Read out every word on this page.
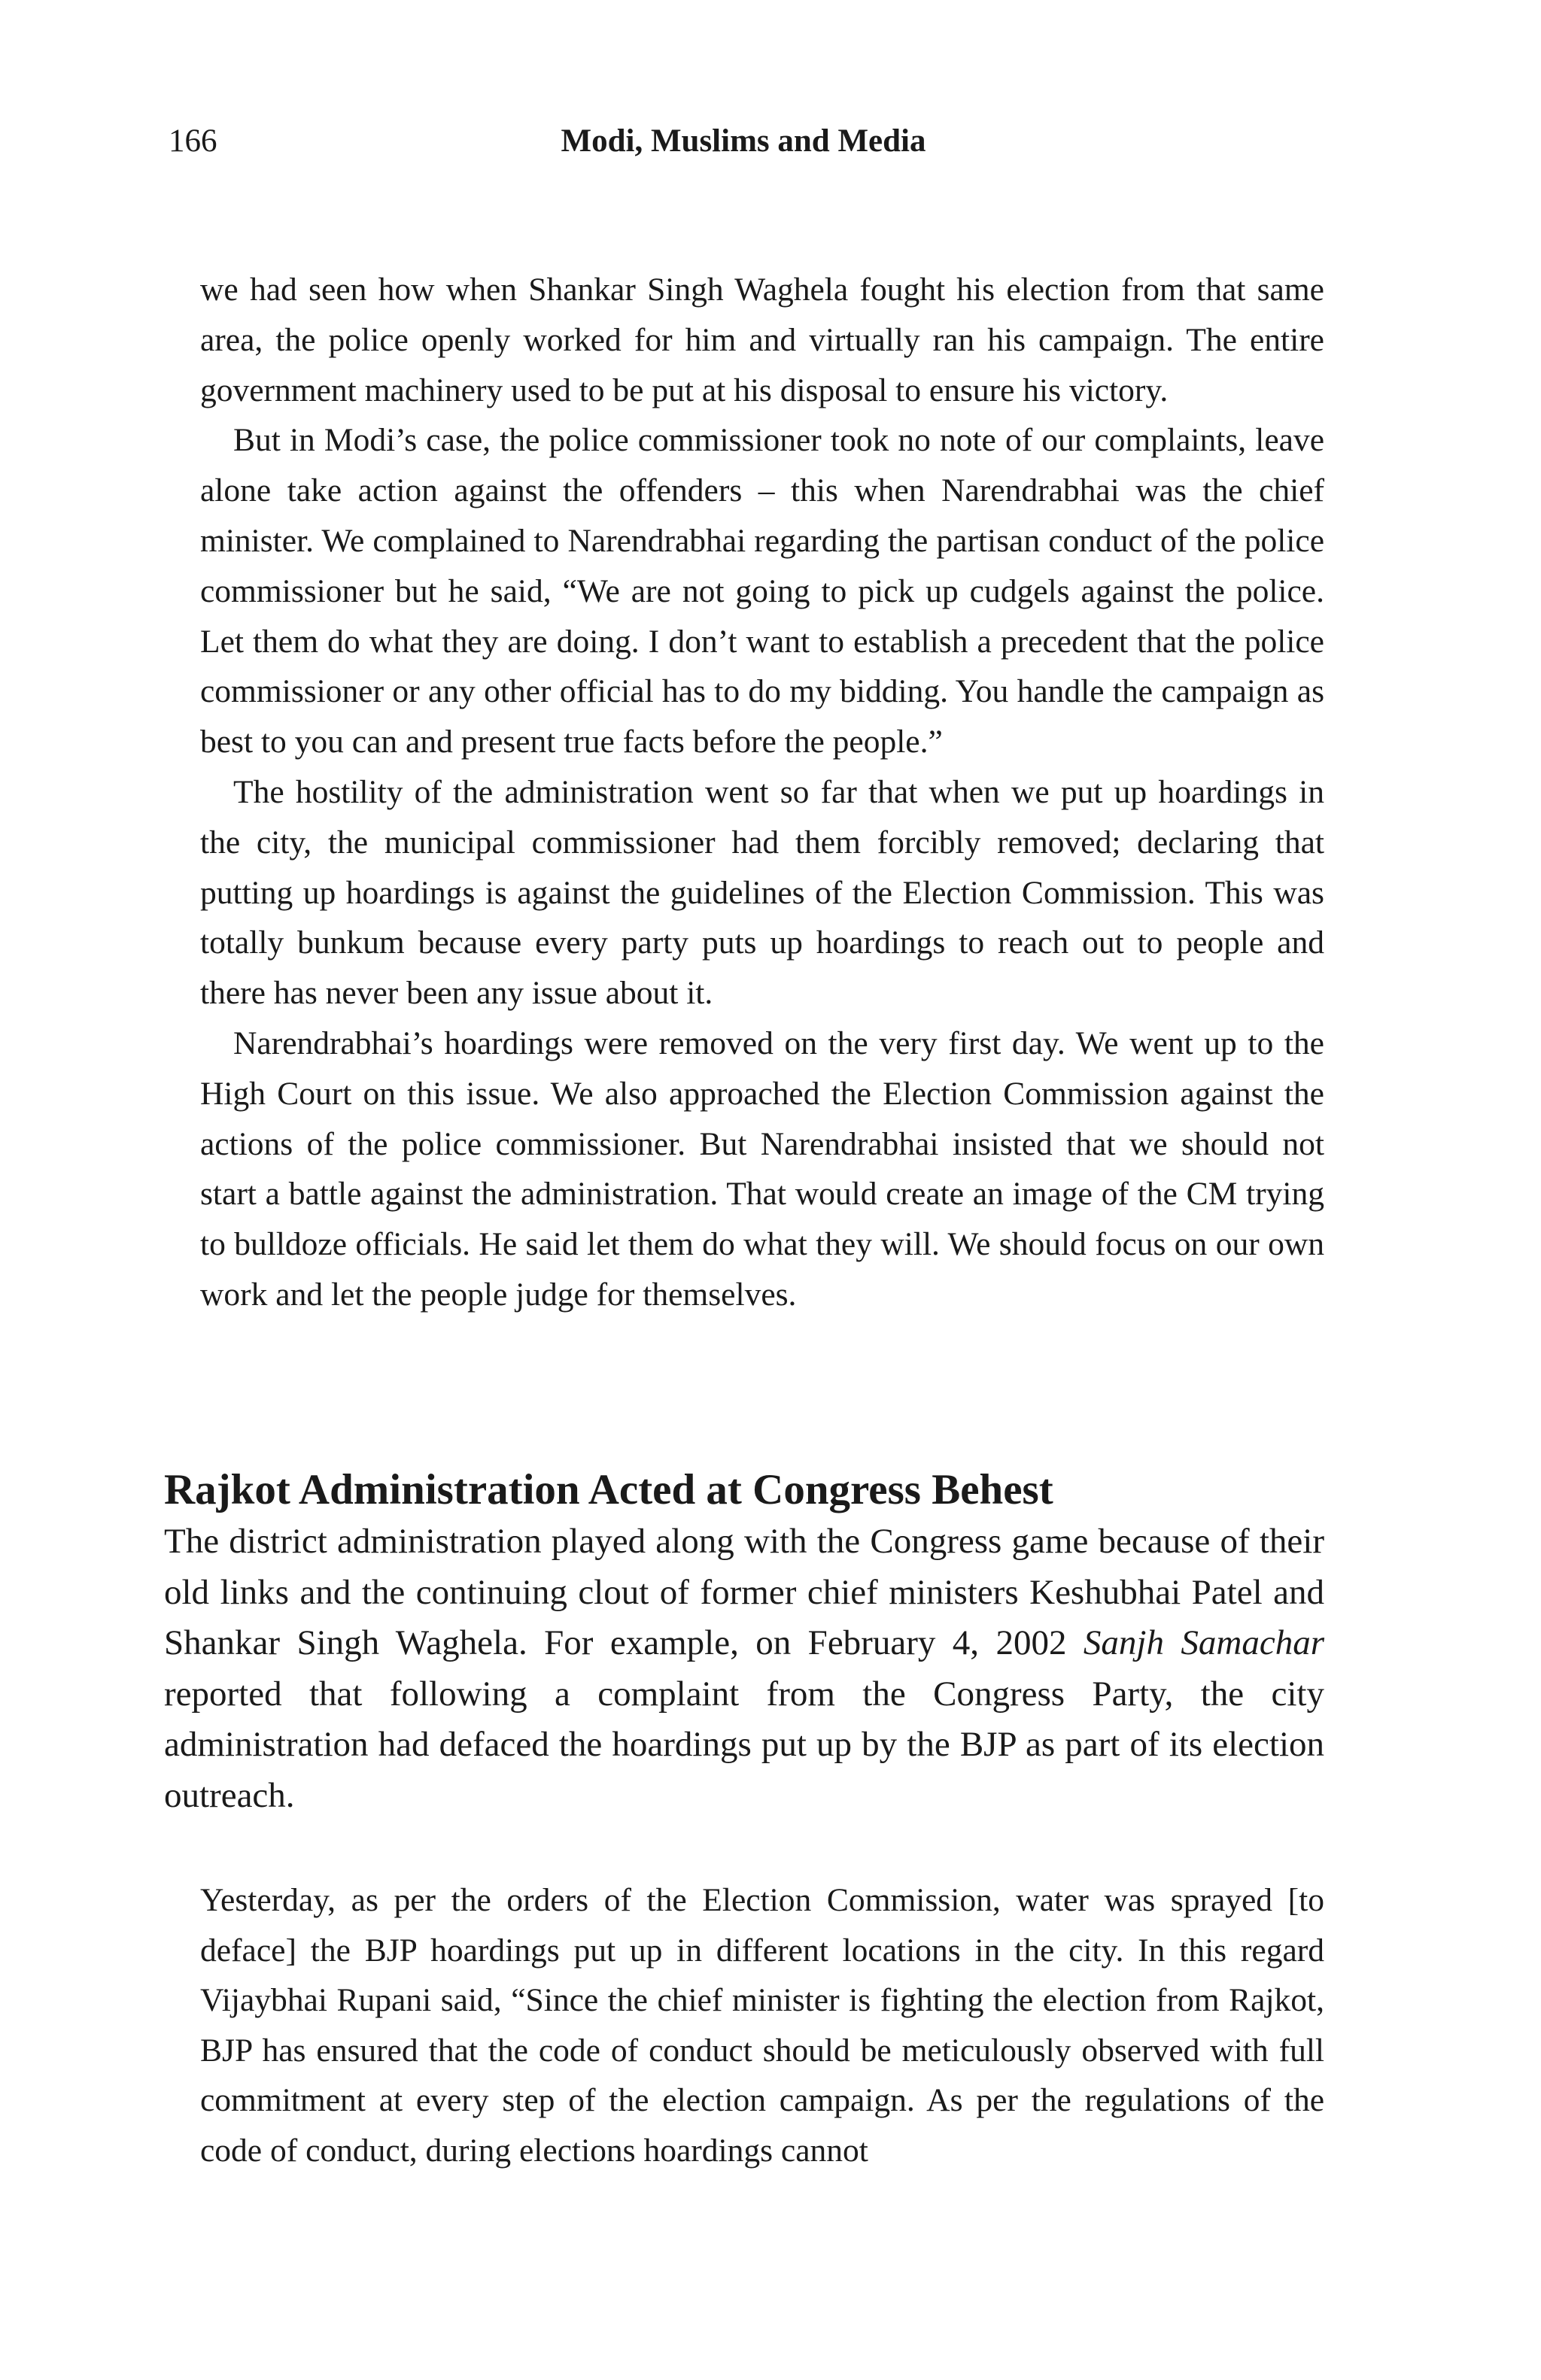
166	Modi, Muslims and Media

we had seen how when Shankar Singh Waghela fought his election from that same area, the police openly worked for him and virtually ran his campaign. The entire government machinery used to be put at his disposal to ensure his victory.

But in Modi’s case, the police commissioner took no note of our complaints, leave alone take action against the offenders – this when Narendrabhai was the chief minister. We complained to Narendrabhai regarding the partisan conduct of the police commissioner but he said, “We are not going to pick up cudgels against the police. Let them do what they are doing. I don’t want to establish a precedent that the police commissioner or any other official has to do my bidding. You handle the campaign as best to you can and present true facts before the people.”

The hostility of the administration went so far that when we put up hoardings in the city, the municipal commissioner had them forcibly removed; declaring that putting up hoardings is against the guidelines of the Election Commission. This was totally bunkum because every party puts up hoardings to reach out to people and there has never been any issue about it.

Narendrabhai’s hoardings were removed on the very first day. We went up to the High Court on this issue. We also approached the Election Commission against the actions of the police commissioner. But Narendrabhai insisted that we should not start a battle against the administration. That would create an image of the CM trying to bulldoze officials. He said let them do what they will. We should focus on our own work and let the people judge for themselves.

Rajkot Administration Acted at Congress Behest

The district administration played along with the Congress game because of their old links and the continuing clout of former chief ministers Keshubhai Patel and Shankar Singh Waghela. For example, on February 4, 2002 Sanjh Samachar reported that following a complaint from the Congress Party, the city administration had defaced the hoardings put up by the BJP as part of its election outreach.

Yesterday, as per the orders of the Election Commission, water was sprayed [to deface] the BJP hoardings put up in different locations in the city. In this regard Vijaybhai Rupani said, “Since the chief minister is fighting the election from Rajkot, BJP has ensured that the code of conduct should be meticulously observed with full commitment at every step of the election campaign. As per the regulations of the code of conduct, during elections hoardings cannot
